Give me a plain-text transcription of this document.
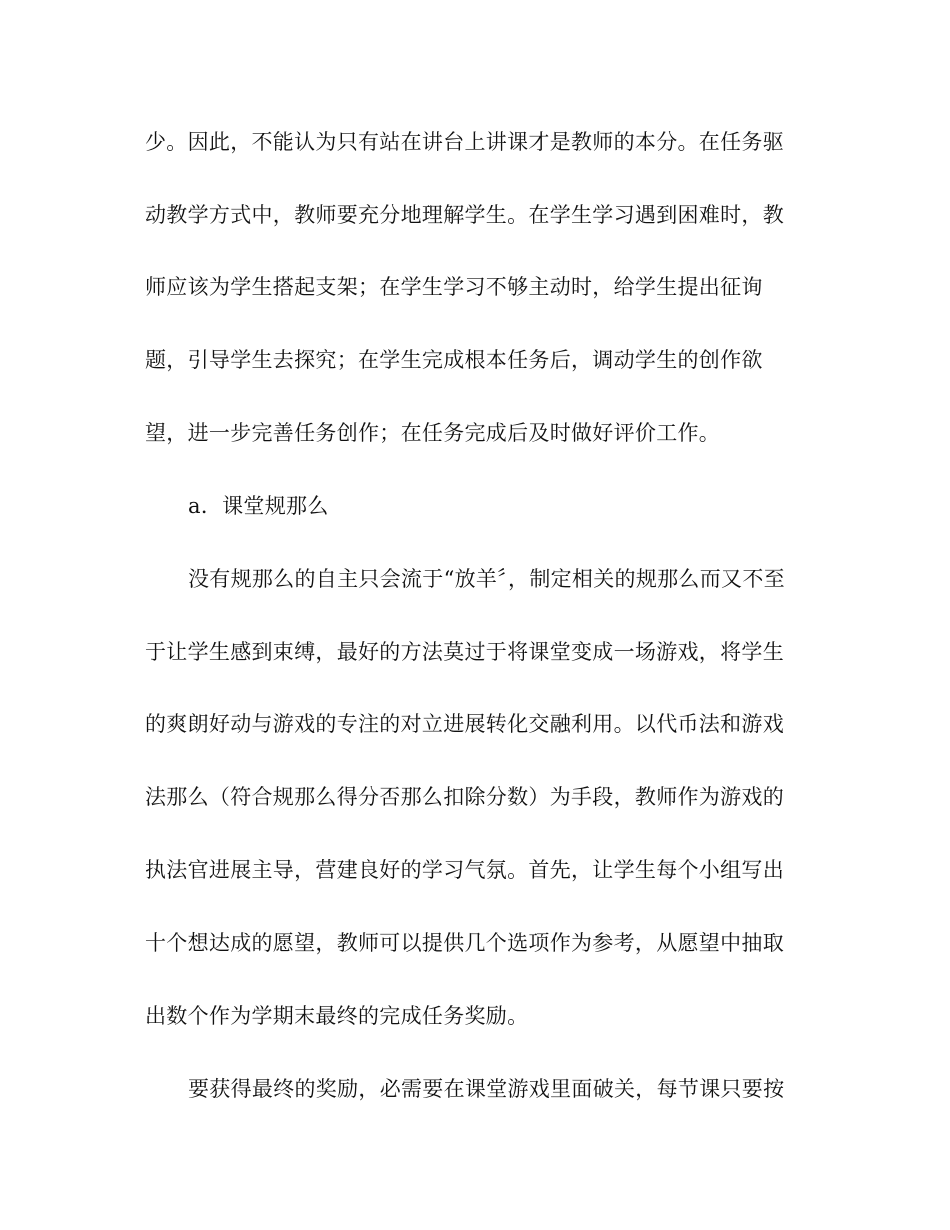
少。因此，不能认为只有站在讲台上讲课才是教师的本分。在任务驱
动教学方式中，教师要充分地理解学生。在学生学习遇到困难时，教
师应该为学生搭起支架；在学生学习不够主动时，给学生提出征询
题，引导学生去探究；在学生完成根本任务后，调动学生的创作欲
望，进一步完善任务创作；在任务完成后及时做好评价工作。
a．课堂规那么
没有规那么的自主只会流于“放羊〞，制定相关的规那么而又不至
于让学生感到束缚，最好的方法莫过于将课堂变成一场游戏，将学生
的爽朗好动与游戏的专注的对立进展转化交融利用。以代币法和游戏
法那么（符合规那么得分否那么扣除分数）为手段，教师作为游戏的
执法官进展主导，营建良好的学习气氛。首先，让学生每个小组写出
十个想达成的愿望，教师可以提供几个选项作为参考，从愿望中抽取
出数个作为学期末最终的完成任务奖励。
要获得最终的奖励，必需要在课堂游戏里面破关，每节课只要按
